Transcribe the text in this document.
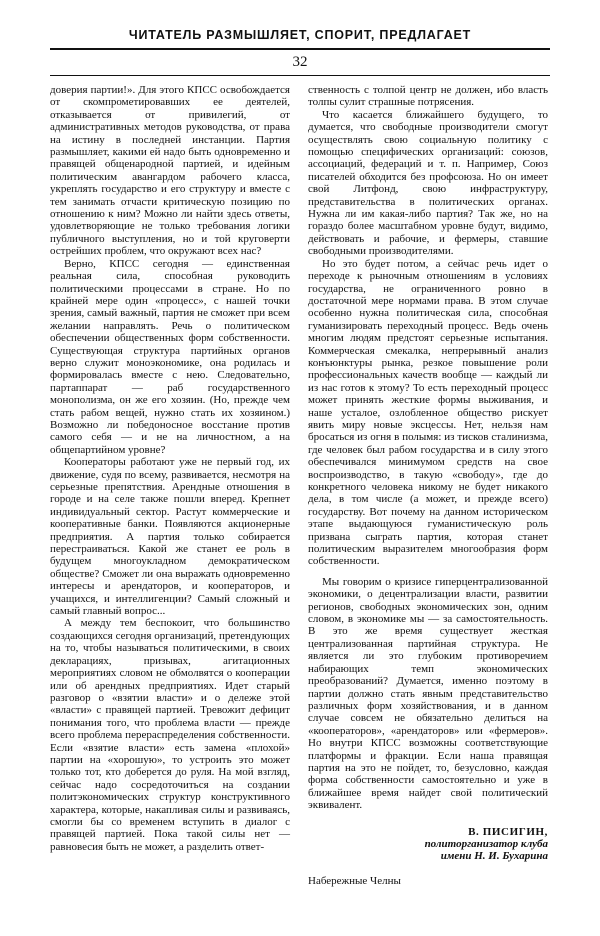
ЧИТАТЕЛЬ РАЗМЫШЛЯЕТ, СПОРИТ, ПРЕДЛАГАЕТ
32

доверия партии!». Для этого КПСС освобождается от скомпрометировавших ее деятелей, отказывается от привилегий, от административных методов руководства, от права на истину в последней инстанции. Партия размышляет, какими ей надо быть одновременно и правящей общенародной партией, и идейным политическим авангардом рабочего класса, укреплять государство и его структуру и вместе с тем занимать отчасти критическую позицию по отношению к ним? Можно ли найти здесь ответы, удовлетворяющие не только требования логики публичного выступления, но и той круговерти острейших проблем, что окружают всех нас?

Верно, КПСС сегодня — единственная реальная сила, способная руководить политическими процессами в стране. Но по крайней мере один «процесс», с нашей точки зрения, самый важный, партия не сможет при всем желании направлять. Речь о политическом обеспечении общественных форм собственности. Существующая структура партийных органов верно служит моноэкономике, она родилась и формировалась вместе с нею. Следовательно, партаппарат — раб государственного монополизма, он же его хозяин. (Но, прежде чем стать рабом вещей, нужно стать их хозяином.) Возможно ли победоносное восстание против самого себя — и не на личностном, а на общепартийном уровне?

Кооператоры работают уже не первый год, их движение, судя по всему, развивается, несмотря на серьезные препятствия. Арендные отношения в городе и на селе также пошли вперед. Крепнет индивидуальный сектор. Растут коммерческие и кооперативные банки. Появляются акционерные предприятия. А партия только собирается перестраиваться. Какой же станет ее роль в будущем многоукладном демократическом обществе? Сможет ли она выражать одновременно интересы и арендаторов, и кооператоров, и учащихся, и интеллигенции? Самый сложный и самый главный вопрос...

А между тем беспокоит, что большинство создающихся сегодня организаций, претендующих на то, чтобы называться политическими, в своих декларациях, призывах, агитационных мероприятиях словом не обмолвятся о кооперации или об арендных предприятиях. Идет старый разговор о «взятии власти» и о дележе этой «власти» с правящей партией. Тревожит дефицит понимания того, что проблема власти — прежде всего проблема перераспределения собственности. Если «взятие власти» есть замена «плохой» партии на «хорошую», то устроить это может только тот, кто доберется до руля. На мой взгляд, сейчас надо сосредоточиться на создании политэкономических структур конструктивного характера, которые, накапливая силы и развиваясь, смогли бы со временем вступить в диалог с правящей партией. Пока такой силы нет — равновесия быть не может, а разделить ответ-

ственность с толпой центр не должен, ибо власть толпы сулит страшные потрясения.

Что касается ближайшего будущего, то думается, что свободные производители смогут осуществлять свою социальную политику с помощью специфических организаций: союзов, ассоциаций, федераций и т. п. Например, Союз писателей обходится без профсоюза. Но он имеет свой Литфонд, свою инфраструктуру, представительства в политических органах. Нужна ли им какая-либо партия? Так же, но на гораздо более масштабном уровне будут, видимо, действовать и рабочие, и фермеры, ставшие свободными производителями.

Но это будет потом, а сейчас речь идет о переходе к рыночным отношениям в условиях государства, не ограниченного ровно в достаточной мере нормами права. В этом случае особенно нужна политическая сила, способная гуманизировать переходный процесс. Ведь очень многим людям предстоят серьезные испытания. Коммерческая смекалка, непрерывный анализ конъюнктуры рынка, резкое повышение роли профессиональных качеств вообще — каждый ли из нас готов к этому? То есть переходный процесс может принять жесткие формы выживания, и наше усталое, озлобленное общество рискует явить миру новые эксцессы. Нет, нельзя нам бросаться из огня в полымя: из тисков сталинизма, где человек был рабом государства и в силу этого обеспечивался минимумом средств на свое воспроизводство, в такую «свободу», где до конкретного человека никому не будет никакого дела, в том числе (а может, и прежде всего) государству. Вот почему на данном историческом этапе выдающуюся гуманистическую роль призвана сыграть партия, которая станет политическим выразителем многообразия форм собственности.

Мы говорим о кризисе гиперцентрализованной экономики, о децентрализации власти, развитии регионов, свободных экономических зон, одним словом, в экономике мы — за самостоятельность. В это же время существует жесткая централизованная партийная структура. Не является ли это глубоким противоречием набирающих темп экономических преобразований? Думается, именно поэтому в партии должно стать явным представительство различных форм хозяйствования, и в данном случае совсем не обязательно делиться на «кооператоров», «арендаторов» или «фермеров». Но внутри КПСС возможны соответствующие платформы и фракции. Если наша правящая партия на это не пойдет, то, безусловно, каждая форма собственности самостоятельно и уже в ближайшее время найдет свой политический эквивалент.

В. ПИСИГИН,
политорганизатор клуба
имени Н. И. Бухарина
Набережные Челны
